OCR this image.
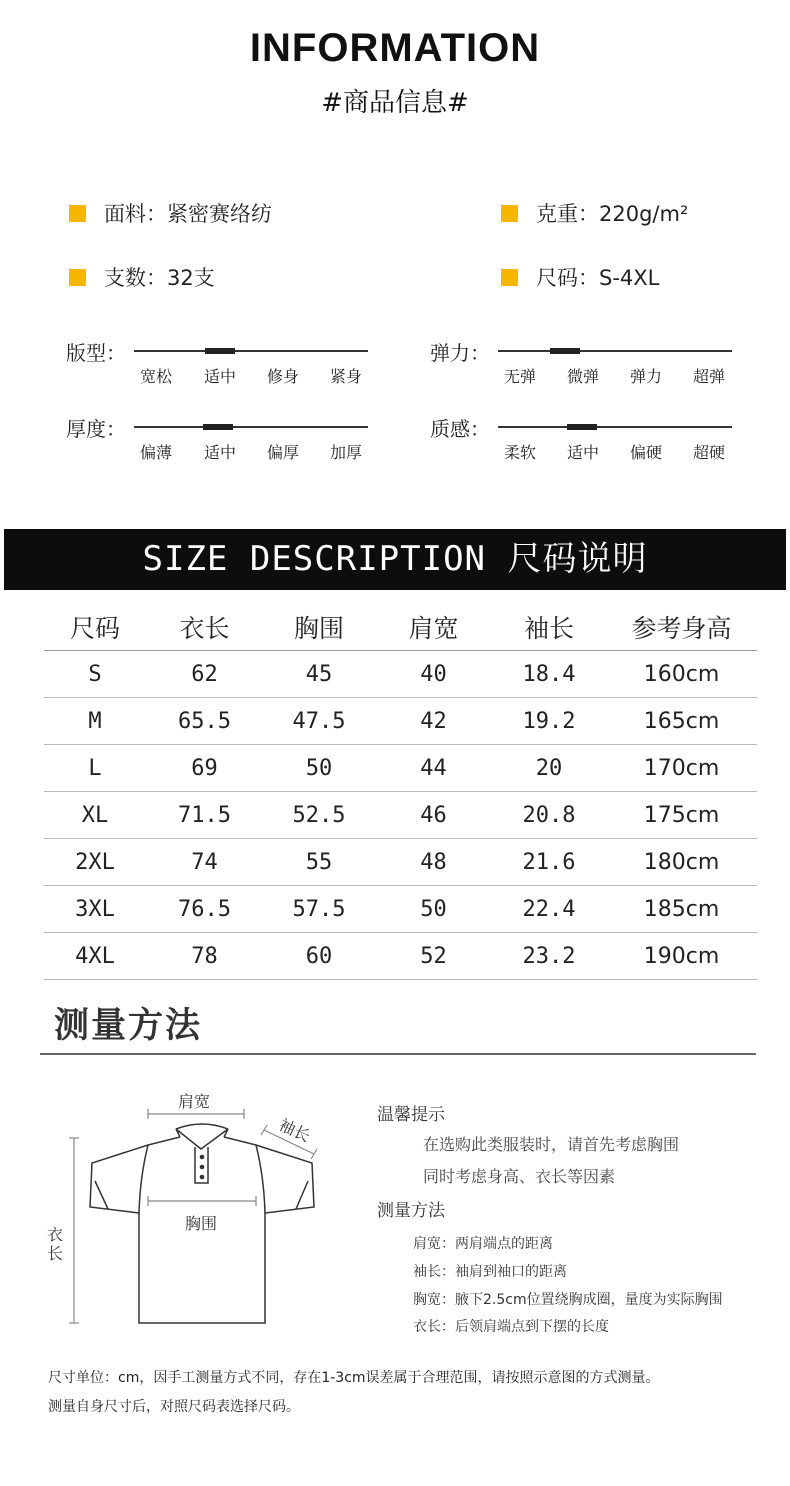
INFORMATION
#商品信息#
面料：紧密赛络纺	克重：220g/m²
支数：32支	尺码：S-4XL
版型：
宽松	适中	修身	紧身
弹力：
无弹	微弹	弹力	超弹
厚度：
偏薄	适中	偏厚	加厚
质感：
柔软	适中	偏硬	超硬
SIZE DESCRIPTION 尺码说明
尺码	衣长	胸围	肩宽	袖长	参考身高
S	62	45	40	18.4	160cm
M	65.5	47.5	42	19.2	165cm
L	69	50	44	20	170cm
XL	71.5	52.5	46	20.8	175cm
2XL	74	55	48	21.6	180cm
3XL	76.5	57.5	50	22.4	185cm
4XL	78	60	52	23.2	190cm
测量方法
肩宽
袖长
胸围
衣长
温馨提示
在选购此类服装时，请首先考虑胸围
同时考虑身高、衣长等因素
测量方法
肩宽：两肩端点的距离
袖长：袖肩到袖口的距离
胸宽：腋下2.5cm位置绕胸成圈，量度为实际胸围
衣长：后领肩端点到下摆的长度
尺寸单位：cm，因手工测量方式不同，存在1-3cm误差属于合理范围，请按照示意图的方式测量。
测量自身尺寸后，对照尺码表选择尺码。
